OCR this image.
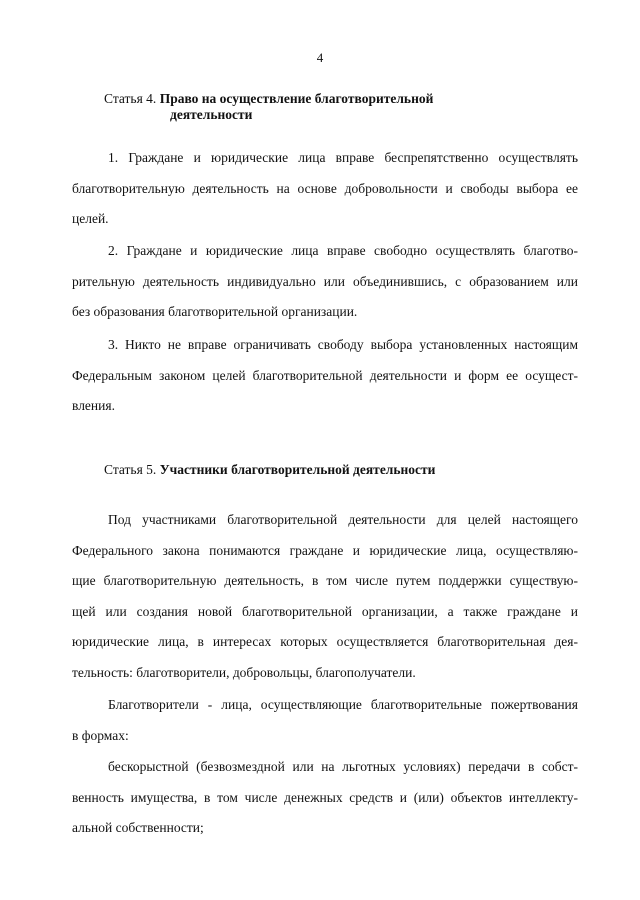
4
Статья 4. Право на осуществление благотворительной
деятельности
1. Граждане и юридические лица вправе беспрепятственно осуществлять
благотворительную деятельность на основе добровольности и свободы выбора ее
целей.
2. Граждане и юридические лица вправе свободно осуществлять благотво-
рительную деятельность индивидуально или объединившись, с образованием или
без образования благотворительной организации.
3. Никто не вправе ограничивать свободу выбора установленных настоящим
Федеральным законом целей благотворительной деятельности и форм ее осущест-
вления.
Статья 5. Участники благотворительной деятельности
Под участниками благотворительной деятельности для целей настоящего
Федерального закона понимаются граждане и юридические лица, осуществляю-
щие благотворительную деятельность, в том числе путем поддержки существую-
щей или создания новой благотворительной организации, а также граждане и
юридические лица, в интересах которых осуществляется благотворительная дея-
тельность: благотворители, добровольцы, благополучатели.
Благотворители - лица, осуществляющие благотворительные пожертвования
в формах:
бескорыстной (безвозмездной или на льготных условиях) передачи в собст-
венность имущества, в том числе денежных средств и (или) объектов интеллекту-
альной собственности;
